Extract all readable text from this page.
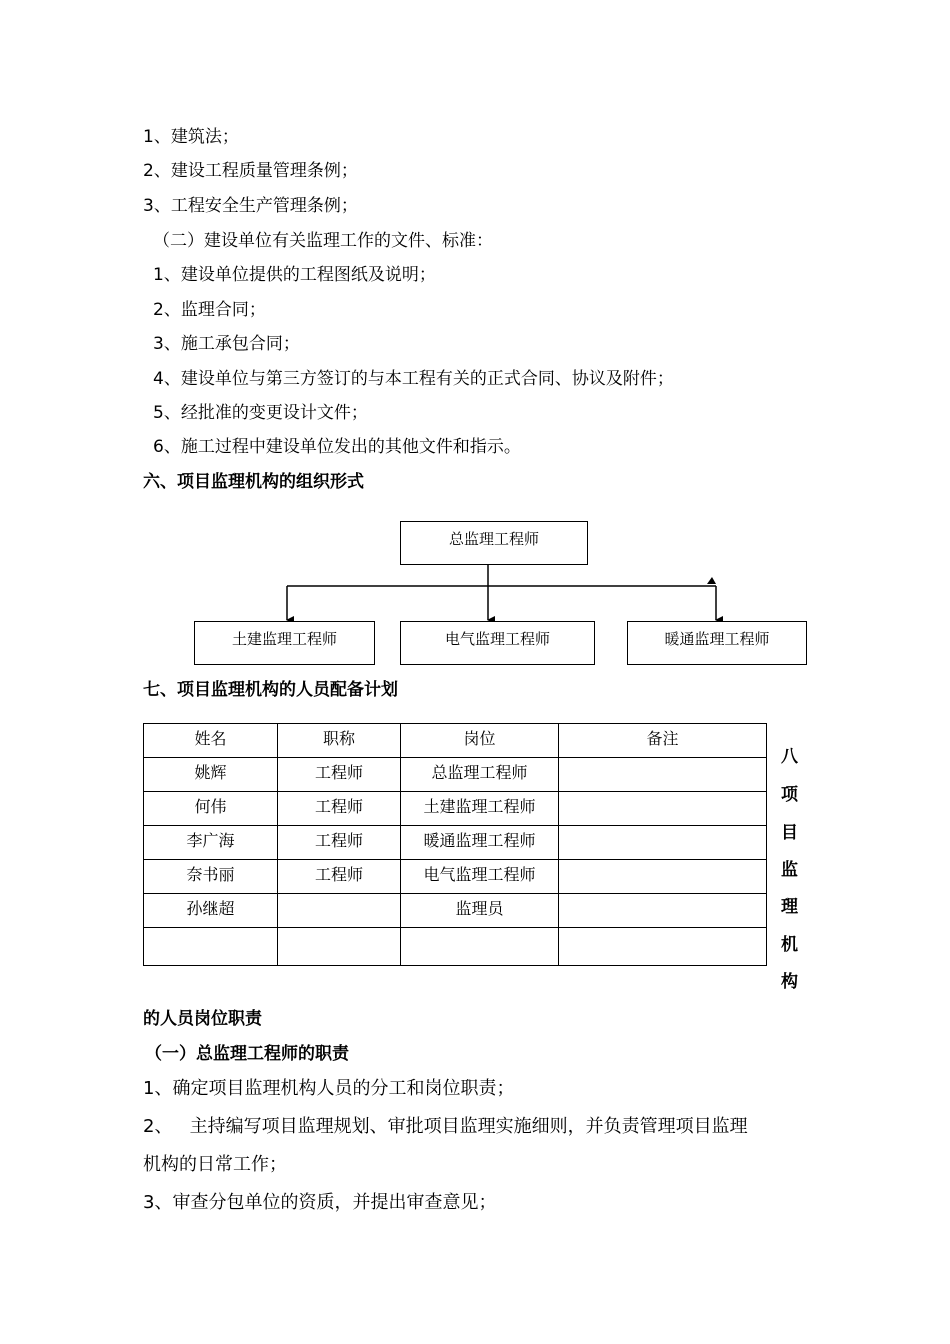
1、建筑法；
2、建设工程质量管理条例；
3、工程安全生产管理条例；
（二）建设单位有关监理工作的文件、标准：
1、建设单位提供的工程图纸及说明；
2、监理合同；
3、施工承包合同；
4、建设单位与第三方签订的与本工程有关的正式合同、协议及附件；
5、经批准的变更设计文件；
6、施工过程中建设单位发出的其他文件和指示。
六、项目监理机构的组织形式
总监理工程师
土建监理工程师	电气监理工程师	暖通监理工程师
七、项目监理机构的人员配备计划
姓名	职称	岗位	备注
姚辉	工程师	总监理工程师	
何伟	工程师	土建监理工程师	
李广海	工程师	暖通监理工程师	
奈书丽	工程师	电气监理工程师	
孙继超		监理员	

八
项
目
监
理
机
构
的人员岗位职责
（一）总监理工程师的职责
1、确定项目监理机构人员的分工和岗位职责；
2、   主持编写项目监理规划、审批项目监理实施细则，并负责管理项目监理
机构的日常工作；
3、审查分包单位的资质，并提出审查意见；
